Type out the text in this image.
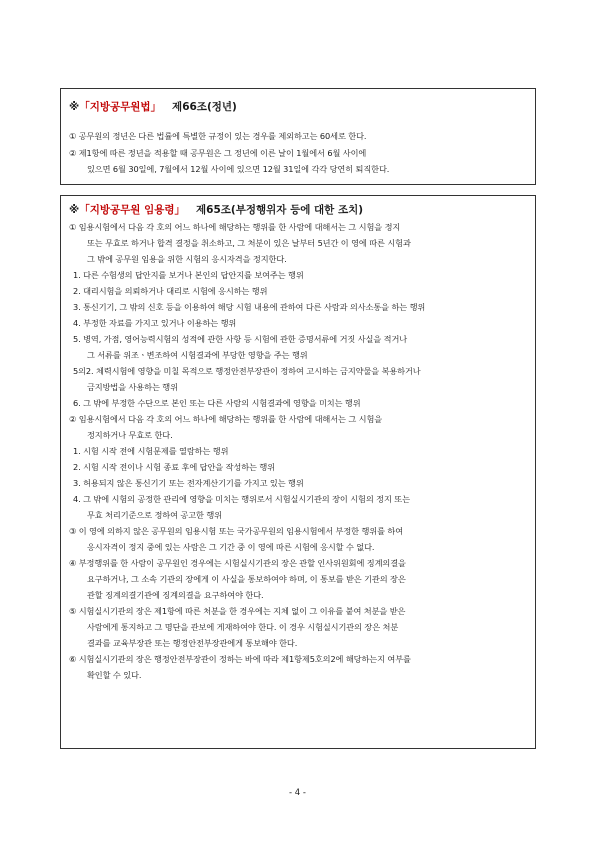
※「지방공무원법」 제66조(정년)
① 공무원의 정년은 다른 법률에 특별한 규정이 있는 경우를 제외하고는 60세로 한다.
② 제1항에 따른 정년을 적용할 때 공무원은 그 정년에 이른 날이 1월에서 6월 사이에
있으면 6월 30일에, 7월에서 12월 사이에 있으면 12월 31일에 각각 당연히 퇴직한다.
※「지방공무원 임용령」 제65조(부정행위자 등에 대한 조치)
① 임용시험에서 다음 각 호의 어느 하나에 해당하는 행위를 한 사람에 대해서는 그 시험을 정지
또는 무효로 하거나 합격 결정을 취소하고, 그 처분이 있은 날부터 5년간 이 영에 따른 시험과
그 밖에 공무원 임용을 위한 시험의 응시자격을 정지한다.
1. 다른 수험생의 답안지를 보거나 본인의 답안지를 보여주는 행위
2. 대리시험을 의뢰하거나 대리로 시험에 응시하는 행위
3. 통신기기, 그 밖의 신호 등을 이용하여 해당 시험 내용에 관하여 다른 사람과 의사소통을 하는 행위
4. 부정한 자료를 가지고 있거나 이용하는 행위
5. 병역, 가점, 영어능력시험의 성적에 관한 사항 등 시험에 관한 증명서류에 거짓 사실을 적거나
그 서류를 위조ㆍ변조하여 시험결과에 부당한 영향을 주는 행위
5의2. 체력시험에 영향을 미칠 목적으로 행정안전부장관이 정하여 고시하는 금지약물을 복용하거나
금지방법을 사용하는 행위
6. 그 밖에 부정한 수단으로 본인 또는 다른 사람의 시험결과에 영향을 미치는 행위
② 임용시험에서 다음 각 호의 어느 하나에 해당하는 행위를 한 사람에 대해서는 그 시험을
정지하거나 무효로 한다.
1. 시험 시작 전에 시험문제를 열람하는 행위
2. 시험 시작 전이나 시험 종료 후에 답안을 작성하는 행위
3. 허용되지 않은 통신기기 또는 전자계산기기를 가지고 있는 행위
4. 그 밖에 시험의 공정한 관리에 영향을 미치는 행위로서 시험실시기관의 장이 시험의 정지 또는
무효 처리기준으로 정하여 공고한 행위
③ 이 영에 의하지 않은 공무원의 임용시험 또는 국가공무원의 임용시험에서 부정한 행위를 하여
응시자격이 정지 중에 있는 사람은 그 기간 중 이 영에 따른 시험에 응시할 수 없다.
④ 부정행위를 한 사람이 공무원인 경우에는 시험실시기관의 장은 관할 인사위원회에 징계의결을
요구하거나, 그 소속 기관의 장에게 이 사실을 통보하여야 하며, 이 통보를 받은 기관의 장은
관할 징계의결기관에 징계의결을 요구하여야 한다.
⑤ 시험실시기관의 장은 제1항에 따른 처분을 한 경우에는 지체 없이 그 이유를 붙여 처분을 받은
사람에게 통지하고 그 명단을 관보에 게재하여야 한다. 이 경우 시험실시기관의 장은 처분
결과를 교육부장관 또는 행정안전부장관에게 통보해야 한다.
⑥ 시험실시기관의 장은 행정안전부장관이 정하는 바에 따라 제1항제5호의2에 해당하는지 여부를
확인할 수 있다.
- 4 -
